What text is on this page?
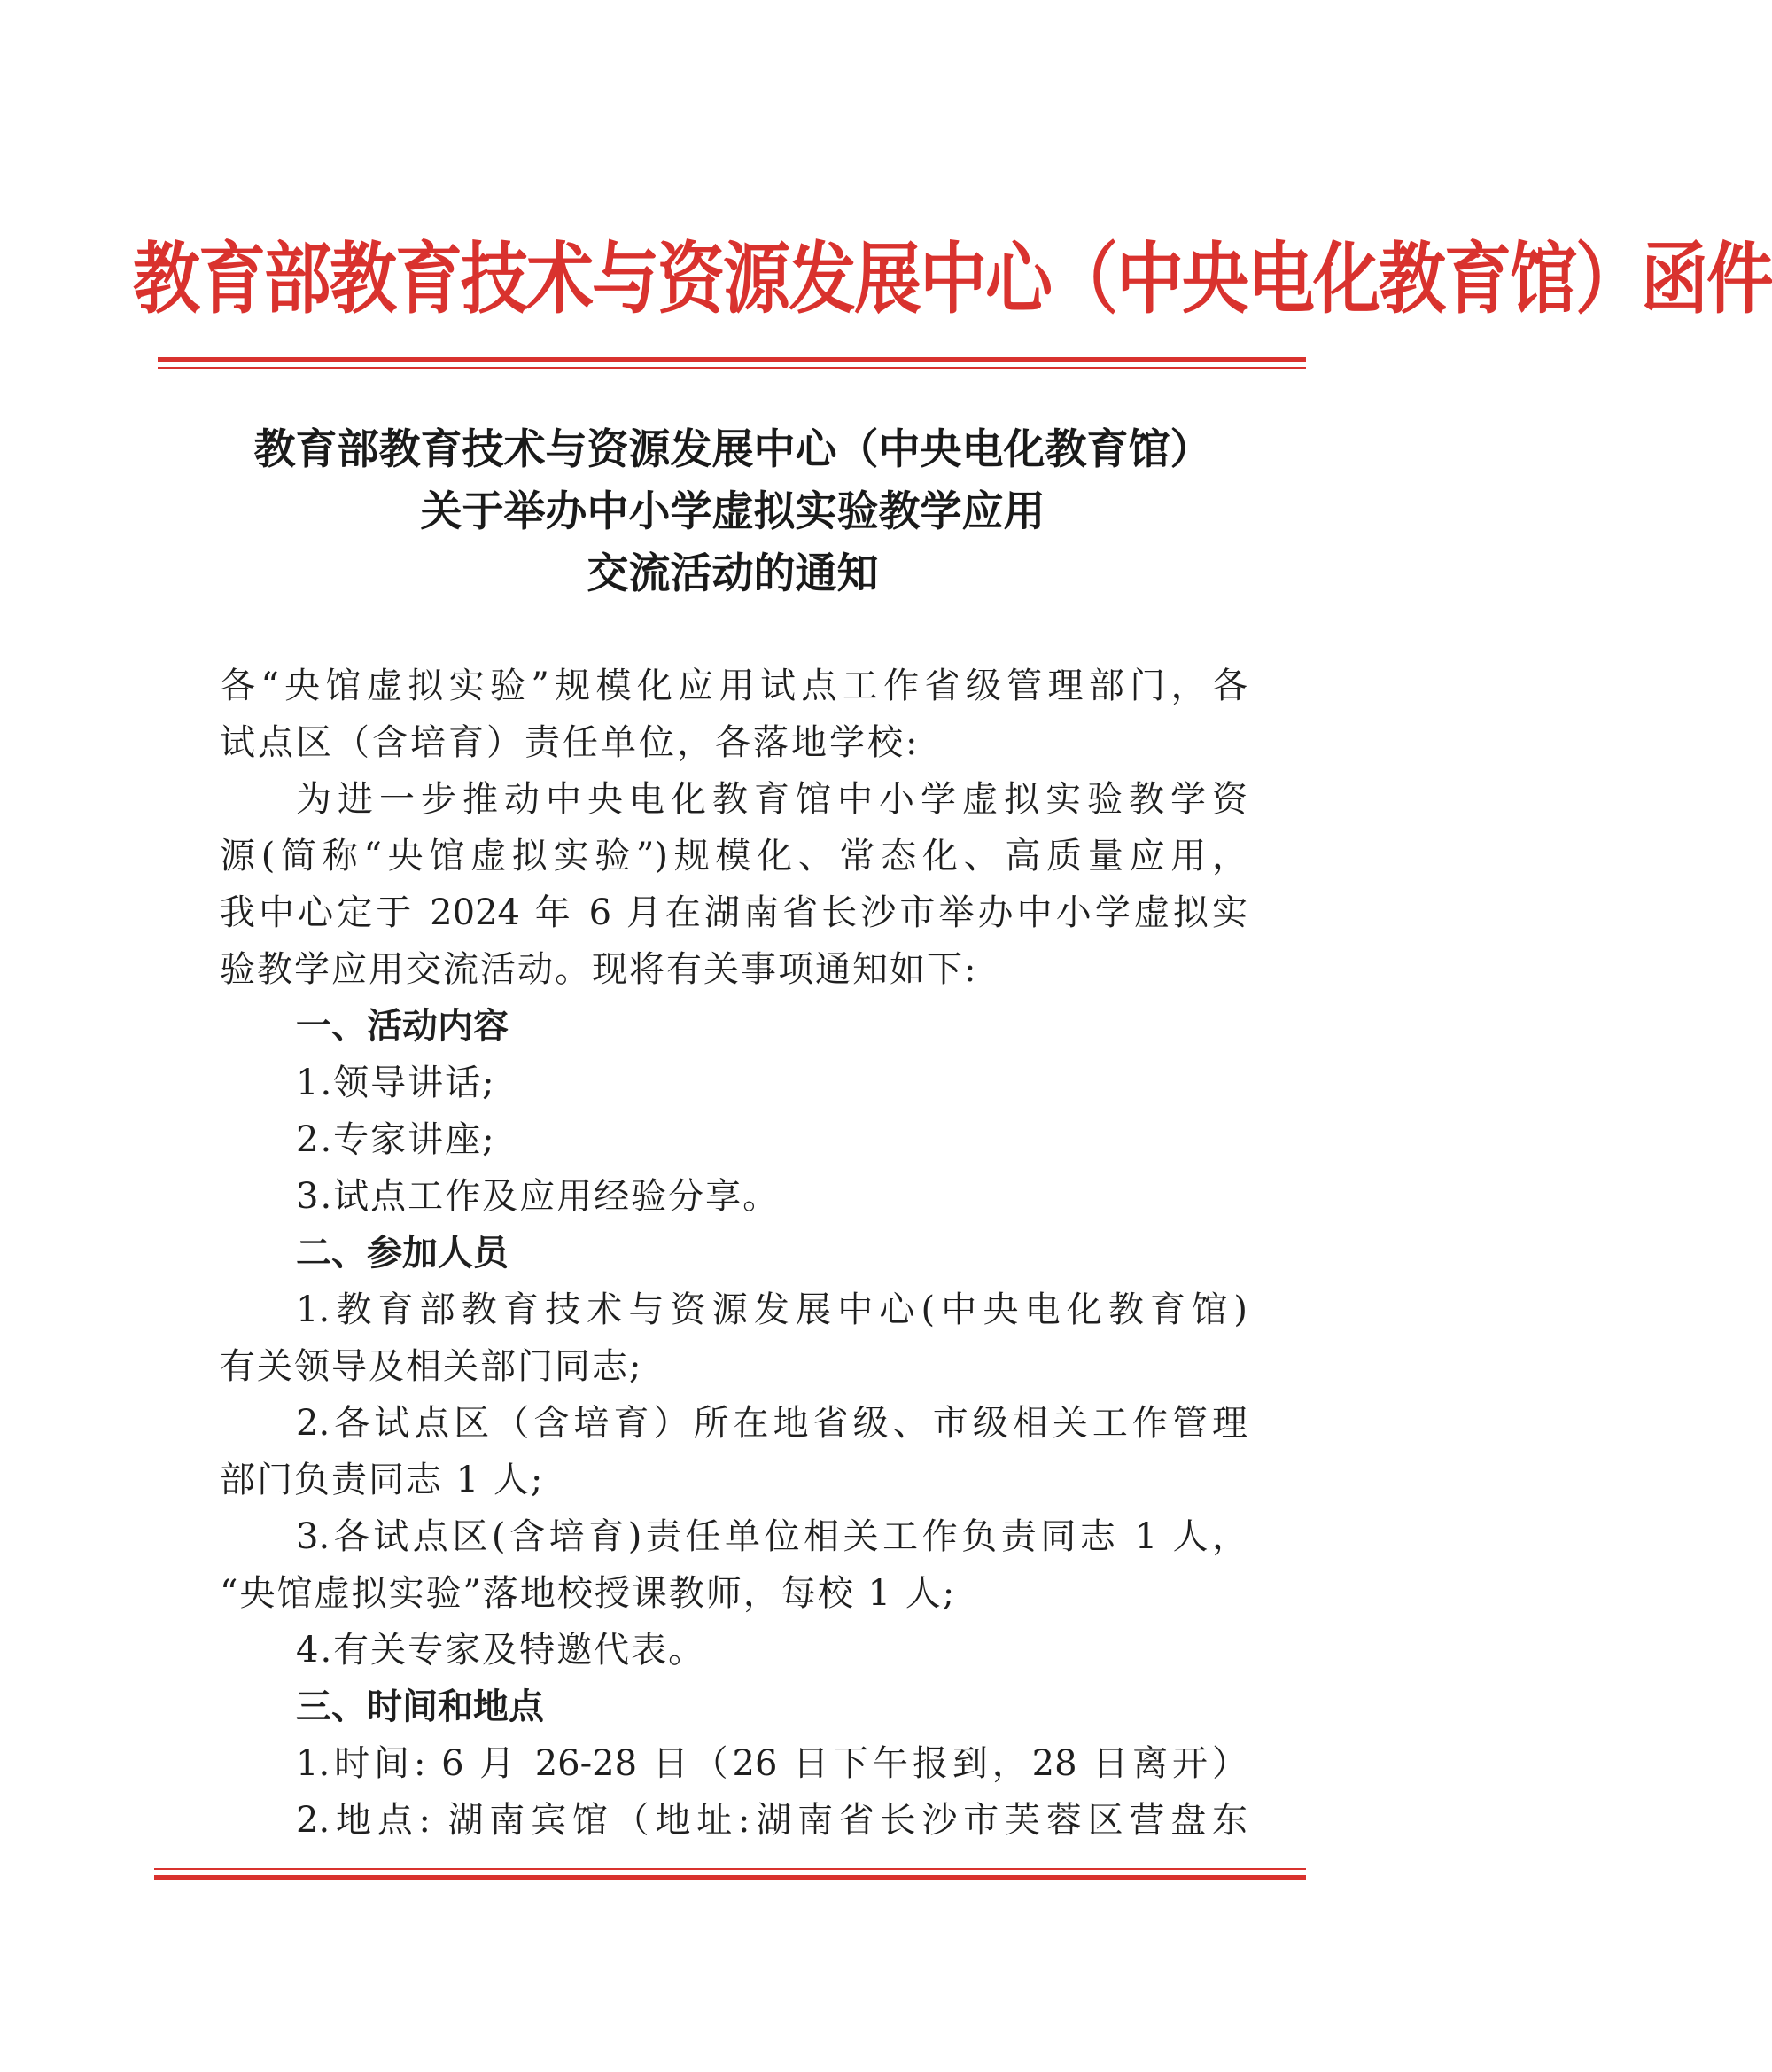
教育部教育技术与资源发展中心（中央电化教育馆）函件
教育部教育技术与资源发展中心（中央电化教育馆）
关于举办中小学虚拟实验教学应用
交流活动的通知
各“央馆虚拟实验”规模化应用试点工作省级管理部门，各
试点区（含培育）责任单位，各落地学校:
为进一步推动中央电化教育馆中小学虚拟实验教学资
源(简称“央馆虚拟实验”)规模化、常态化、高质量应用，
我中心定于 2024 年 6 月在湖南省长沙市举办中小学虚拟实
验教学应用交流活动。现将有关事项通知如下:
一、活动内容
1.领导讲话;
2.专家讲座;
3.试点工作及应用经验分享。
二、参加人员
1.教育部教育技术与资源发展中心(中央电化教育馆)
有关领导及相关部门同志;
2.各试点区（含培育）所在地省级、市级相关工作管理
部门负责同志 1 人;
3.各试点区(含培育)责任单位相关工作负责同志 1 人，
“央馆虚拟实验”落地校授课教师，每校 1 人;
4.有关专家及特邀代表。
三、时间和地点
1.时间: 6 月 26-28 日（26 日下午报到，28 日离开）
2.地点: 湖南宾馆（地址:湖南省长沙市芙蓉区营盘东
